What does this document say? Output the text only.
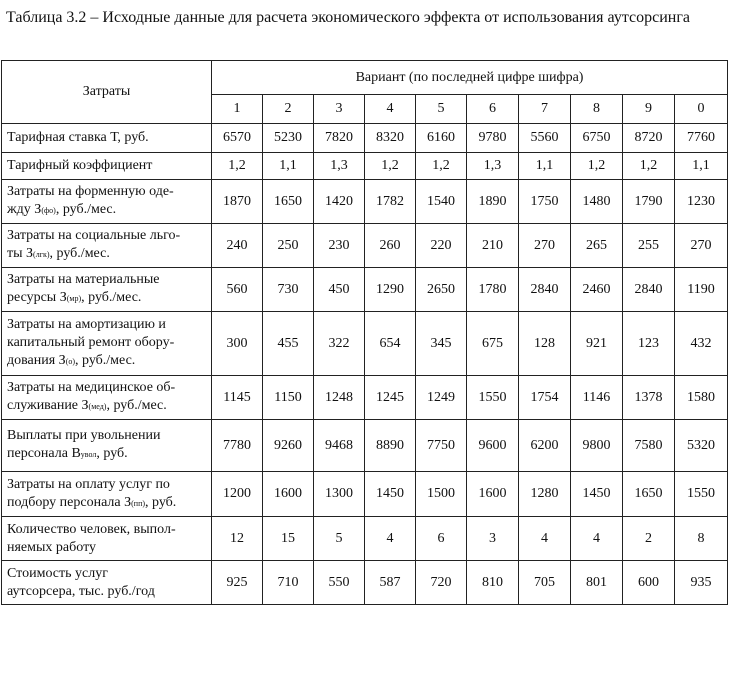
Таблица 3.2 – Исходные данные для расчета экономического эффекта от использования аутсорсинга

Затраты	Вариант (по последней цифре шифра)									
	1	2	3	4	5	6	7	8	9	0
Тарифная ставка Т, руб.	6570	5230	7820	8320	6160	9780	5560	6750	8720	7760
Тарифный коэффициент	1,2	1,1	1,3	1,2	1,2	1,3	1,1	1,2	1,2	1,1
Затраты на форменную оде-
жду З(фо), руб./мес.	1870	1650	1420	1782	1540	1890	1750	1480	1790	1230
Затраты на социальные льго-
ты З(лгк), руб./мес.	240	250	230	260	220	210	270	265	255	270
Затраты на материальные
ресурсы З(мр), руб./мес.	560	730	450	1290	2650	1780	2840	2460	2840	1190
Затраты на амортизацию и
капитальный ремонт обору-
дования З(о), руб./мес.	300	455	322	654	345	675	128	921	123	432
Затраты на медицинское об-
служивание З(мед), руб./мес.	1145	1150	1248	1245	1249	1550	1754	1146	1378	1580
Выплаты при увольнении
персонала Вувол, руб.	7780	9260	9468	8890	7750	9600	6200	9800	7580	5320
Затраты на оплату услуг по
подбору персонала З(пп), руб.	1200	1600	1300	1450	1500	1600	1280	1450	1650	1550
Количество человек, выпол-
няемых работу	12	15	5	4	6	3	4	4	2	8
Стоимость услуг
аутсорсера, тыс. руб./год	925	710	550	587	720	810	705	801	600	935
